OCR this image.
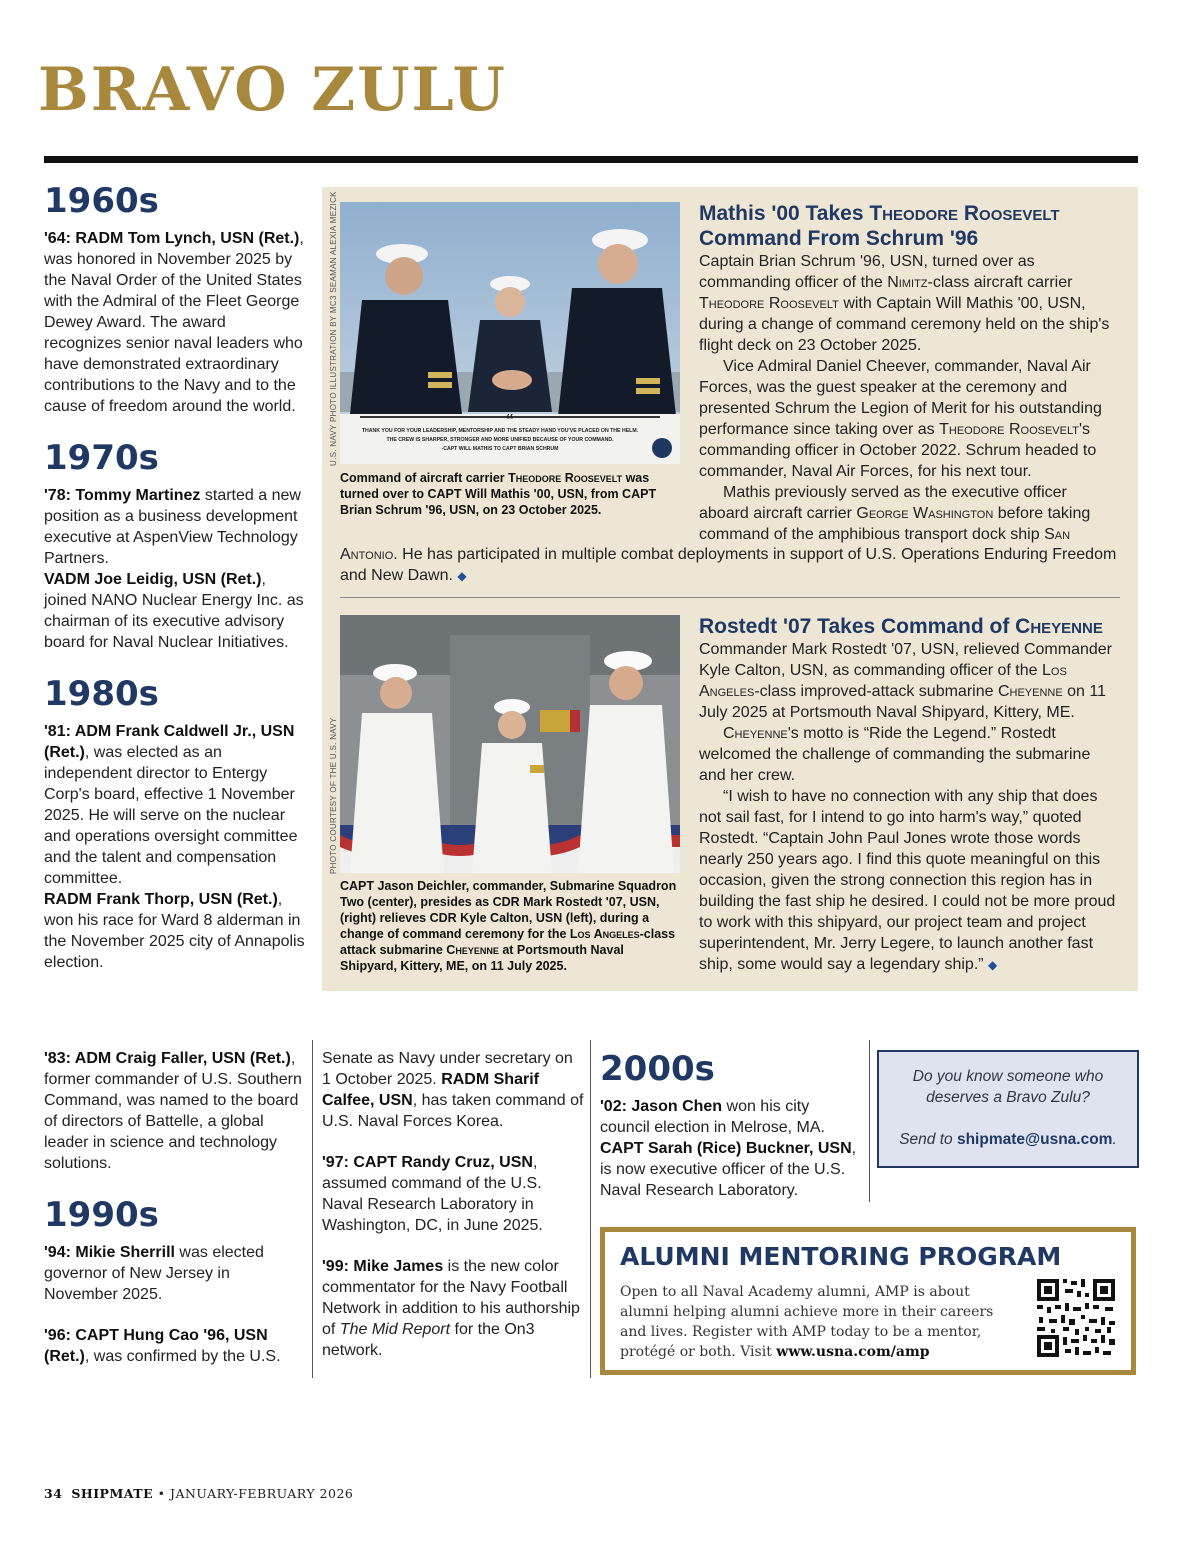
BRAVO ZULU
1960s

'64: RADM Tom Lynch, USN (Ret.), was honored in November 2025 by the Naval Order of the United States with the Admiral of the Fleet George Dewey Award. The award recognizes senior naval leaders who have demonstrated extraordinary contributions to the Navy and to the cause of freedom around the world.

1970s

'78: Tommy Martinez started a new position as a business development executive at AspenView Technology Partners.

VADM Joe Leidig, USN (Ret.), joined NANO Nuclear Energy Inc. as chairman of its executive advisory board for Naval Nuclear Initiatives.

1980s

'81: ADM Frank Caldwell Jr., USN (Ret.), was elected as an independent director to Entergy Corp's board, effective 1 November 2025. He will serve on the nuclear and operations oversight committee and the talent and compensation committee.

RADM Frank Thorp, USN (Ret.), won his race for Ward 8 alderman in the November 2025 city of Annapolis election.

'83: ADM Craig Faller, USN (Ret.), former commander of U.S. Southern Command, was named to the board of directors of Battelle, a global leader in science and technology solutions.

1990s

'94: Mikie Sherrill was elected governor of New Jersey in November 2025.

'96: CAPT Hung Cao '96, USN (Ret.), was confirmed by the U.S.

Senate as Navy under secretary on 1 October 2025. RADM Sharif Calfee, USN, has taken command of U.S. Naval Forces Korea.

'97: CAPT Randy Cruz, USN, assumed command of the U.S. Naval Research Laboratory in Washington, DC, in June 2025.

'99: Mike James is the new color commentator for the Navy Football Network in addition to his authorship of The Mid Report for the On3 network.

2000s

'02: Jason Chen won his city council election in Melrose, MA.

CAPT Sarah (Rice) Buckner, USN, is now executive officer of the U.S. Naval Research Laboratory.

Do you know someone who deserves a Bravo Zulu?
Send to shipmate@usna.com.
ALUMNI MENTORING PROGRAM
Open to all Naval Academy alumni, AMP is about alumni helping alumni achieve more in their careers and lives. Register with AMP today to be a mentor, protégé or both. Visit www.usna.com/amp
U.S. NAVY PHOTO ILLUSTRATION BY MC3 SEAMAN ALEXIA MEZICK	“
THANK YOU FOR YOUR LEADERSHIP, MENTORSHIP AND THE STEADY HAND YOU'VE PLACED ON THE HELM.
THE CREW IS SHARPER, STRONGER AND MORE UNIFIED BECAUSE OF YOUR COMMAND.
-CAPT WILL MATHIS TO CAPT BRIAN SCHRUM
Command of aircraft carrier Theodore Roosevelt was turned over to CAPT Will Mathis '00, USN, from CAPT Brian Schrum '96, USN, on 23 October 2025.
Mathis '00 Takes Theodore Roosevelt
Command From Schrum '96
Captain Brian Schrum '96, USN, turned over as commanding officer of the Nimitz-class aircraft carrier Theodore Roosevelt with Captain Will Mathis '00, USN, during a change of command ceremony held on the ship's flight deck on 23 October 2025.
Vice Admiral Daniel Cheever, commander, Naval Air Forces, was the guest speaker at the ceremony and presented Schrum the Legion of Merit for his outstanding performance since taking over as Theodore Roosevelt's commanding officer in October 2022. Schrum headed to commander, Naval Air Forces, for his next tour.
Mathis previously served as the executive officer aboard aircraft carrier George Washington before taking command of the amphibious transport dock ship San
Antonio. He has participated in multiple combat deployments in support of U.S. Operations Enduring Freedom and New Dawn. ◆
PHOTO COURTESY OF THE U.S. NAVY
CAPT Jason Deichler, commander, Submarine Squadron Two (center), presides as CDR Mark Rostedt '07, USN, (right) relieves CDR Kyle Calton, USN (left), during a change of command ceremony for the Los Angeles-class attack submarine Cheyenne at Portsmouth Naval Shipyard, Kittery, ME, on 11 July 2025.
Rostedt '07 Takes Command of Cheyenne
Commander Mark Rostedt '07, USN, relieved Commander Kyle Calton, USN, as commanding officer of the Los Angeles-class improved-attack submarine Cheyenne on 11 July 2025 at Portsmouth Naval Shipyard, Kittery, ME.
Cheyenne's motto is “Ride the Legend.” Rostedt welcomed the challenge of commanding the submarine and her crew.
“I wish to have no connection with any ship that does not sail fast, for I intend to go into harm's way,” quoted Rostedt. “Captain John Paul Jones wrote those words nearly 250 years ago. I find this quote meaningful on this occasion, given the strong connection this region has in building the fast ship he desired. I could not be more proud to work with this shipyard, our project team and project superintendent, Mr. Jerry Legere, to launch another fast ship, some would say a legendary ship.” ◆
34 SHIPMATE • JANUARY-FEBRUARY 2026
